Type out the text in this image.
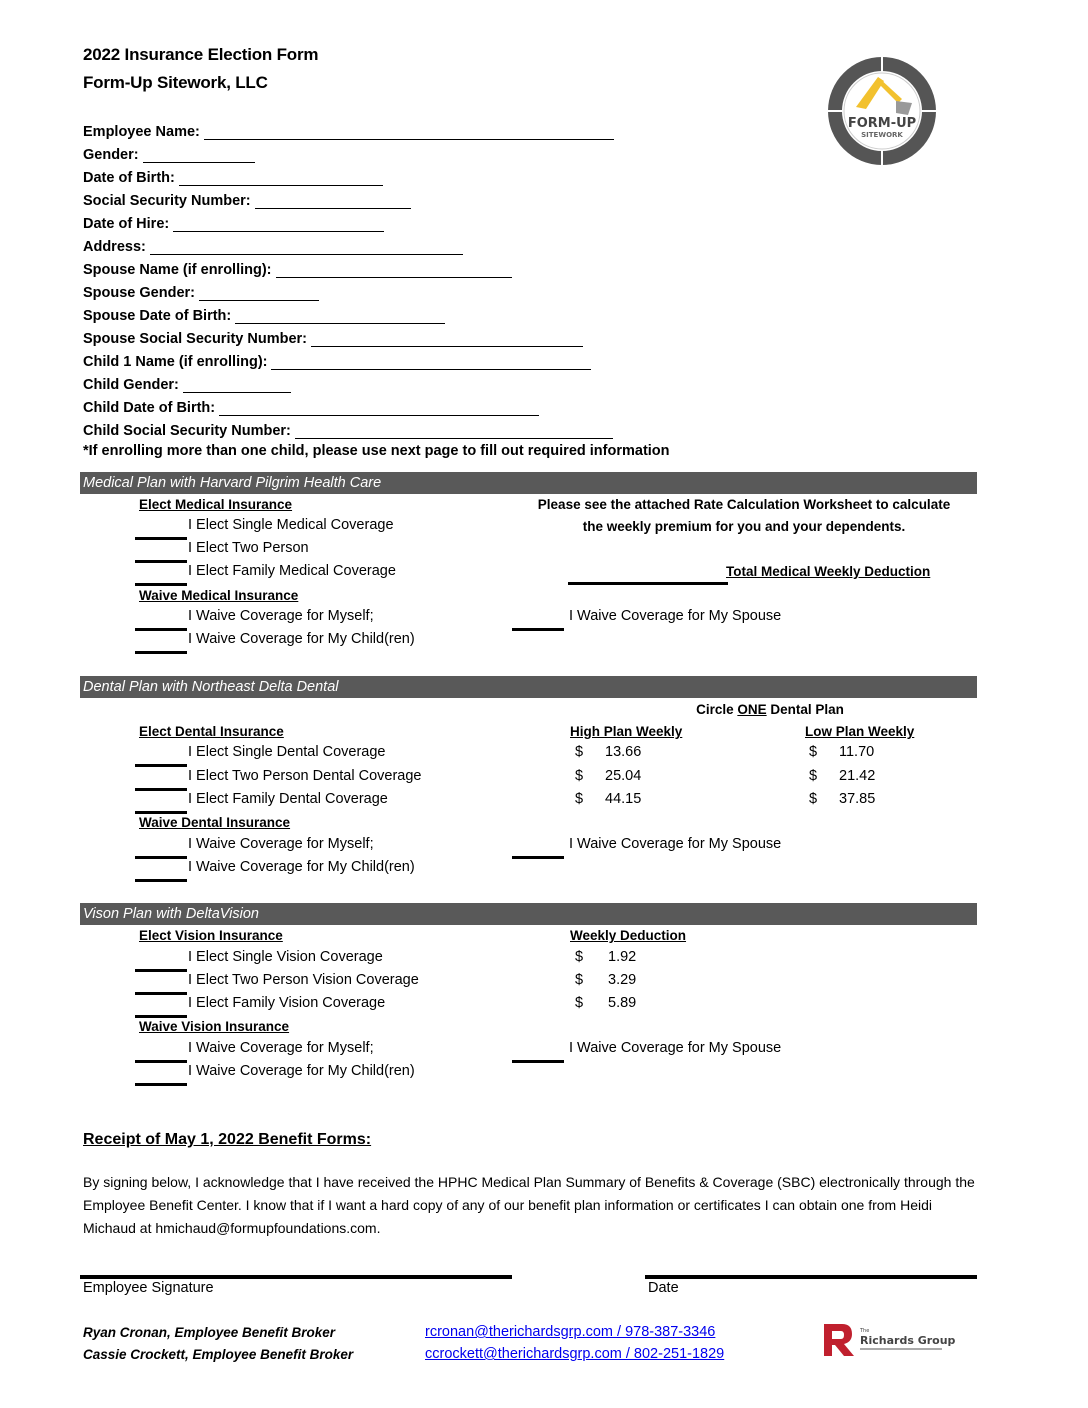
2022 Insurance Election Form
Form-Up Sitework, LLC
FORM-UP
SITEWORK
Employee Name:
Gender:
Date of Birth:
Social Security Number:
Date of Hire:
Address:
Spouse Name (if enrolling):
Spouse Gender:
Spouse Date of Birth:
Spouse Social Security Number:
Child 1 Name (if enrolling):
Child Gender:
Child Date of Birth:
Child Social Security Number:
*If enrolling more than one child, please use next page to fill out required information
Medical Plan with Harvard Pilgrim Health Care
Elect Medical Insurance
I Elect Single Medical Coverage
I Elect Two Person
I Elect Family Medical Coverage
Waive Medical Insurance
I Waive Coverage for Myself;
I Waive Coverage for My Child(ren)
I Waive Coverage for My Spouse
Please see the attached Rate Calculation Worksheet to calculate
the weekly premium for you and your dependents.
Total Medical Weekly Deduction
Dental Plan with Northeast Delta Dental
Circle ONE Dental Plan
Elect Dental Insurance	High Plan Weekly	Low Plan Weekly
I Elect Single Dental Coverage	$ 13.66	$ 11.70
I Elect Two Person Dental Coverage	$ 25.04	$ 21.42
I Elect Family Dental Coverage	$ 44.15	$ 37.85
Waive Dental Insurance
I Waive Coverage for Myself;
I Waive Coverage for My Child(ren)
I Waive Coverage for My Spouse
Vison Plan with DeltaVision
Elect Vision Insurance	Weekly Deduction
I Elect Single Vision Coverage	$ 1.92
I Elect Two Person Vision Coverage	$ 3.29
I Elect Family Vision Coverage	$ 5.89
Waive Vision Insurance
I Waive Coverage for Myself;
I Waive Coverage for My Child(ren)
I Waive Coverage for My Spouse
Receipt of May 1, 2022 Benefit Forms:
By signing below, I acknowledge that I have received the HPHC Medical Plan Summary of Benefits & Coverage (SBC) electronically through the Employee Benefit Center. I know that if I want a hard copy of any of our benefit plan information or certificates I can obtain one from Heidi Michaud at hmichaud@formupfoundations.com.
Employee Signature	Date
Ryan Cronan, Employee Benefit Broker	rcronan@therichardsgrp.com / 978-387-3346
Cassie Crockett, Employee Benefit Broker	ccrockett@therichardsgrp.com / 802-251-1829
The
Richards Group
